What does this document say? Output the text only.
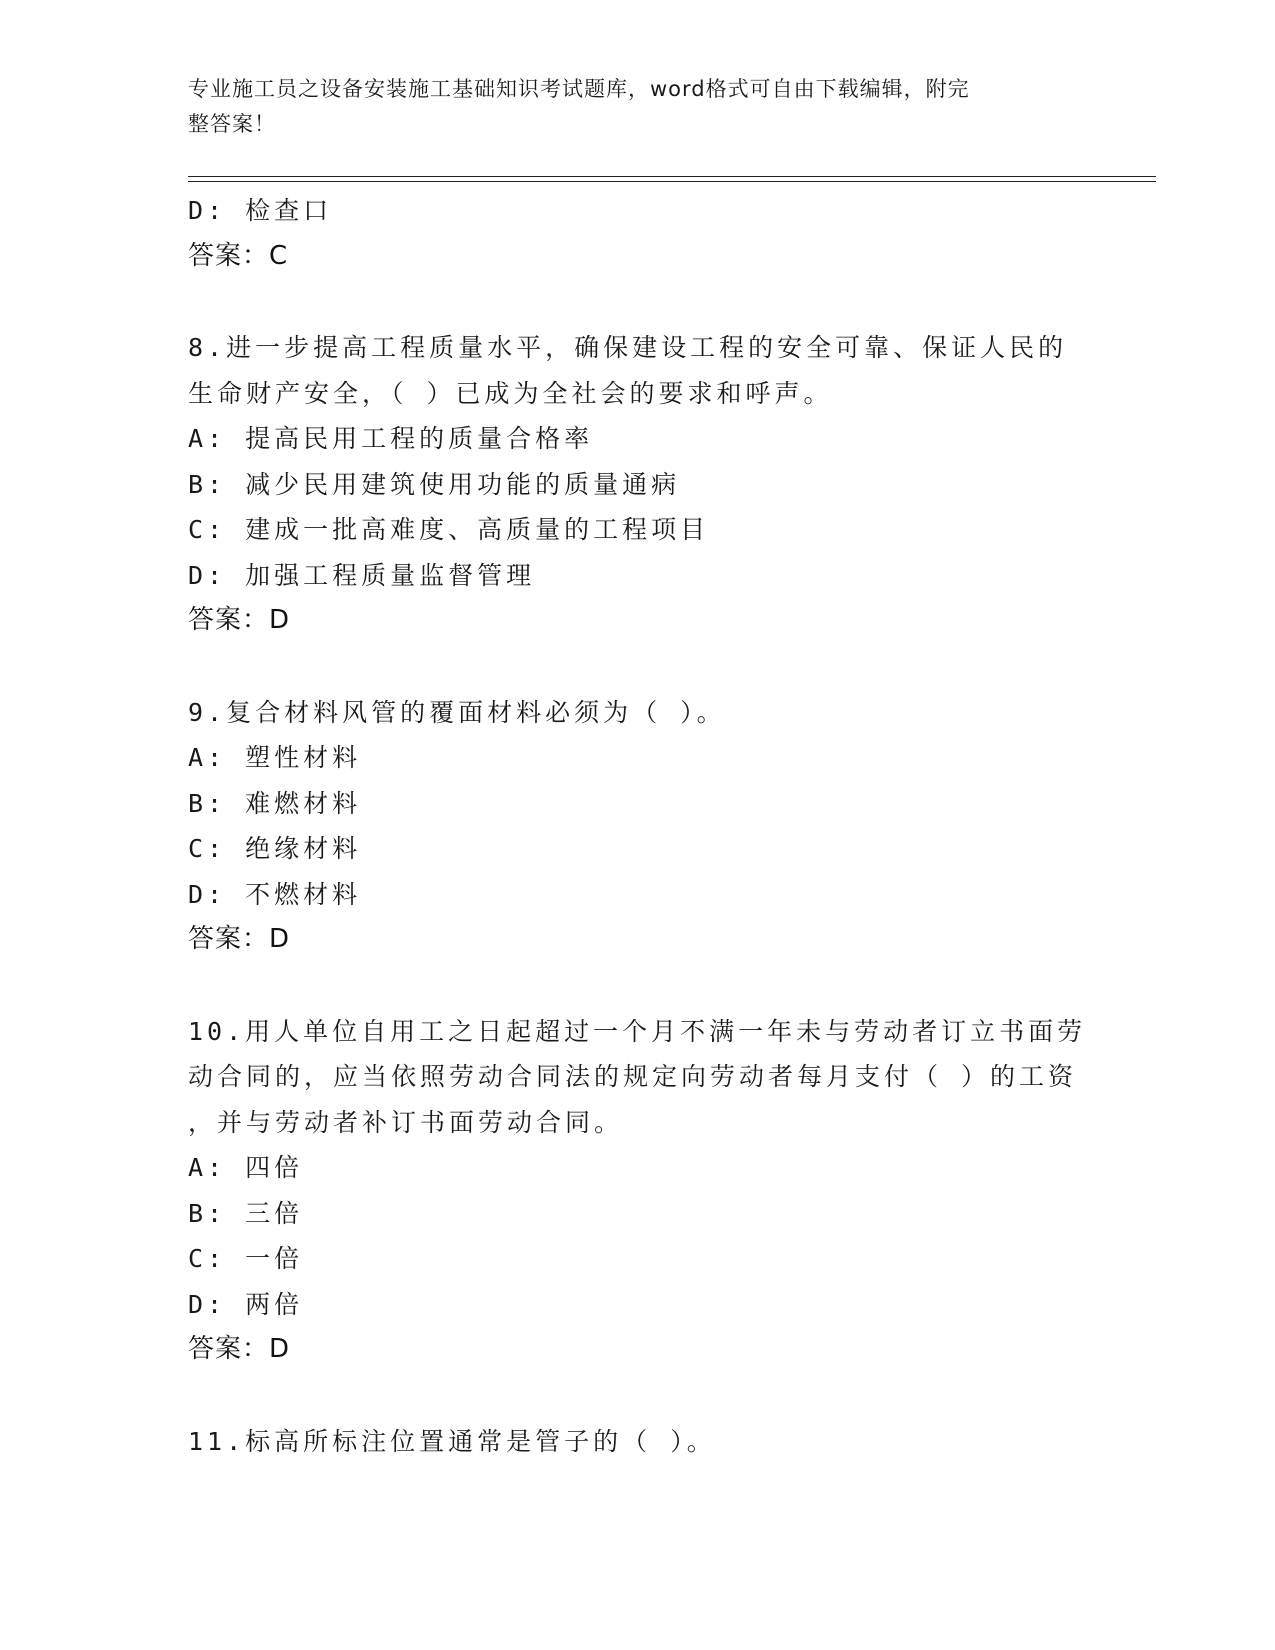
专业施工员之设备安装施工基础知识考试题库，word格式可自由下载编辑，附完
整答案！
D: 检查口
答案：C
8.进一步提高工程质量水平，确保建设工程的安全可靠、保证人民的
生命财产安全，（ ）已成为全社会的要求和呼声。
A: 提高民用工程的质量合格率
B: 减少民用建筑使用功能的质量通病
C: 建成一批高难度、高质量的工程项目
D: 加强工程质量监督管理
答案：D
9.复合材料风管的覆面材料必须为（ ）。
A: 塑性材料
B: 难燃材料
C: 绝缘材料
D: 不燃材料
答案：D
10.用人单位自用工之日起超过一个月不满一年未与劳动者订立书面劳
动合同的，应当依照劳动合同法的规定向劳动者每月支付（ ）的工资
，并与劳动者补订书面劳动合同。
A: 四倍
B: 三倍
C: 一倍
D: 两倍
答案：D
11.标高所标注位置通常是管子的（ ）。
